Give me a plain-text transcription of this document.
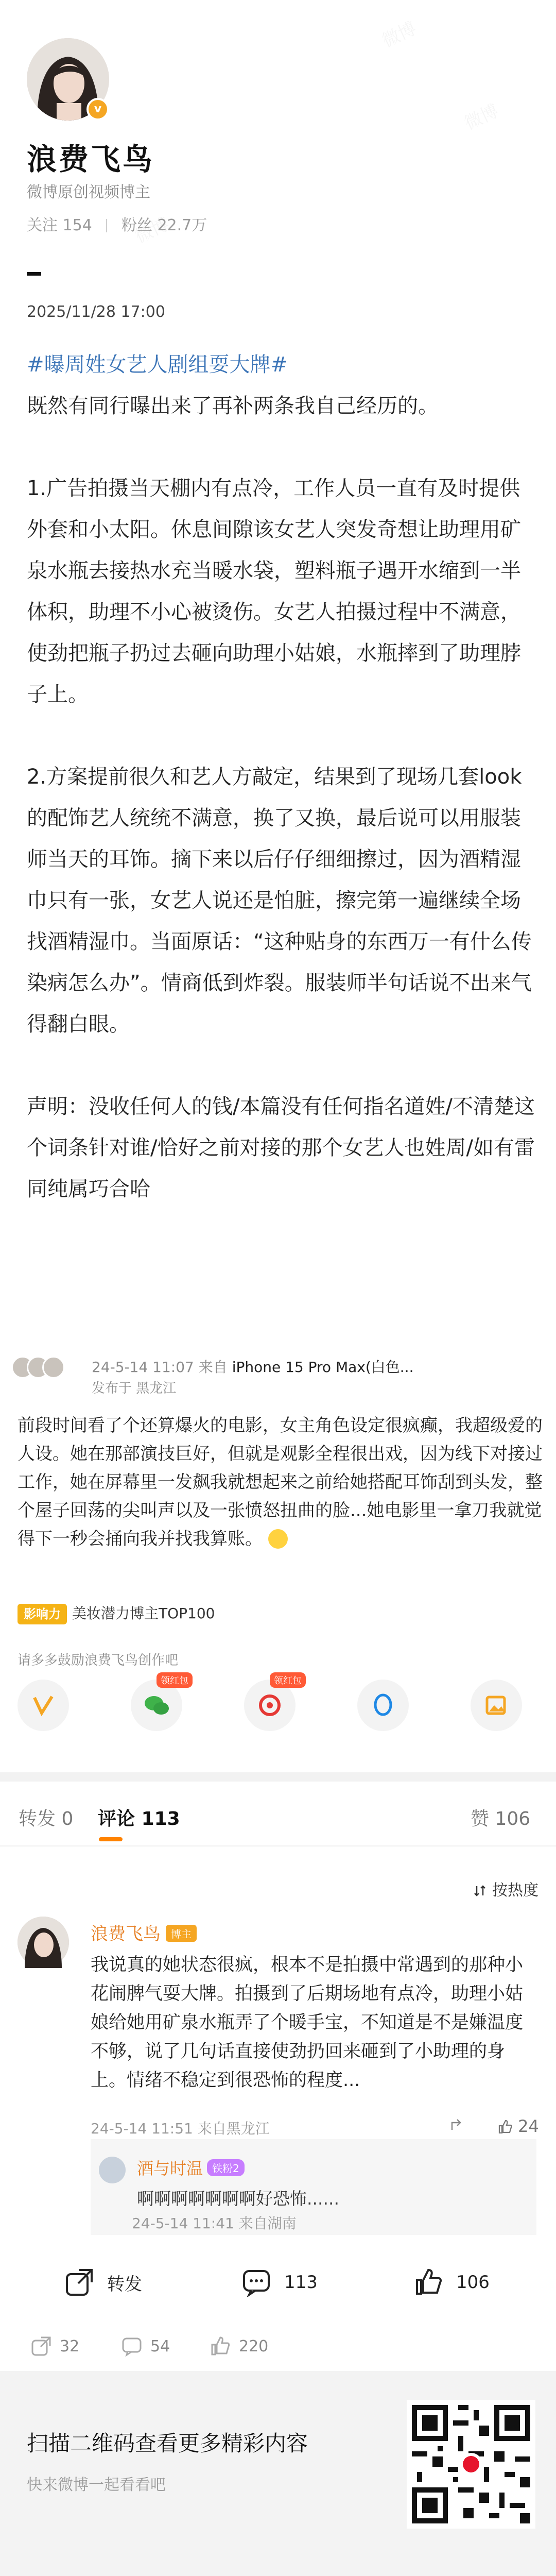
v
浪费飞鸟
微博原创视频博主
关注 154 粉丝 22.7万
2025/11/28 17:00

#曝周姓女艺人剧组耍大牌#

既然有同行曝出来了再补两条我自己经历的。

1.广告拍摄当天棚内有点冷，工作人员一直有及时提供外套和小太阳。休息间隙该女艺人突发奇想让助理用矿泉水瓶去接热水充当暖水袋，塑料瓶子遇开水缩到一半体积，助理不小心被烫伤。女艺人拍摄过程中不满意，使劲把瓶子扔过去砸向助理小姑娘，水瓶摔到了助理脖子上。

2.方案提前很久和艺人方敲定，结果到了现场几套look的配饰艺人统统不满意，换了又换，最后说可以用服装师当天的耳饰。摘下来以后仔仔细细擦过，因为酒精湿巾只有一张，女艺人说还是怕脏，擦完第一遍继续全场找酒精湿巾。当面原话：“这种贴身的东西万一有什么传染病怎么办”。情商低到炸裂。服装师半句话说不出来气得翻白眼。

声明：没收任何人的钱/本篇没有任何指名道姓/不清楚这个词条针对谁/恰好之前对接的那个女艺人也姓周/如有雷同纯属巧合哈

24-5-14 11:07 来自 iPhone 15 Pro Max(白色...
发布于 黑龙江
前段时间看了个还算爆火的电影，女主角色设定很疯癫，我超级爱的人设。她在那部演技巨好，但就是观影全程很出戏，因为线下对接过工作，她在屏幕里一发飙我就想起来之前给她搭配耳饰刮到头发，整个屋子回荡的尖叫声以及一张愤怒扭曲的脸...她电影里一拿刀我就觉得下一秒会捅向我并找我算账。
影响力 美妆潜力博主TOP100
请多多鼓励浪费飞鸟创作吧
领红包	领红包
转发 0 评论 113	赞 106
按热度
浪费飞鸟 博主
我说真的她状态很疯，根本不是拍摄中常遇到的那种小花闹脾气耍大牌。拍摄到了后期场地有点冷，助理小姑娘给她用矿泉水瓶弄了个暖手宝，不知道是不是嫌温度不够，说了几句话直接使劲扔回来砸到了小助理的身上。情绪不稳定到很恐怖的程度...
酒与时温 铁粉2
啊啊啊啊啊啊啊好恐怖......
24-5-14 11:51 来自黑龙江
24-5-14 11:41 来自湖南
24
转发	113	106
32	54	220
扫描二维码查看更多精彩内容
快来微博一起看看吧
